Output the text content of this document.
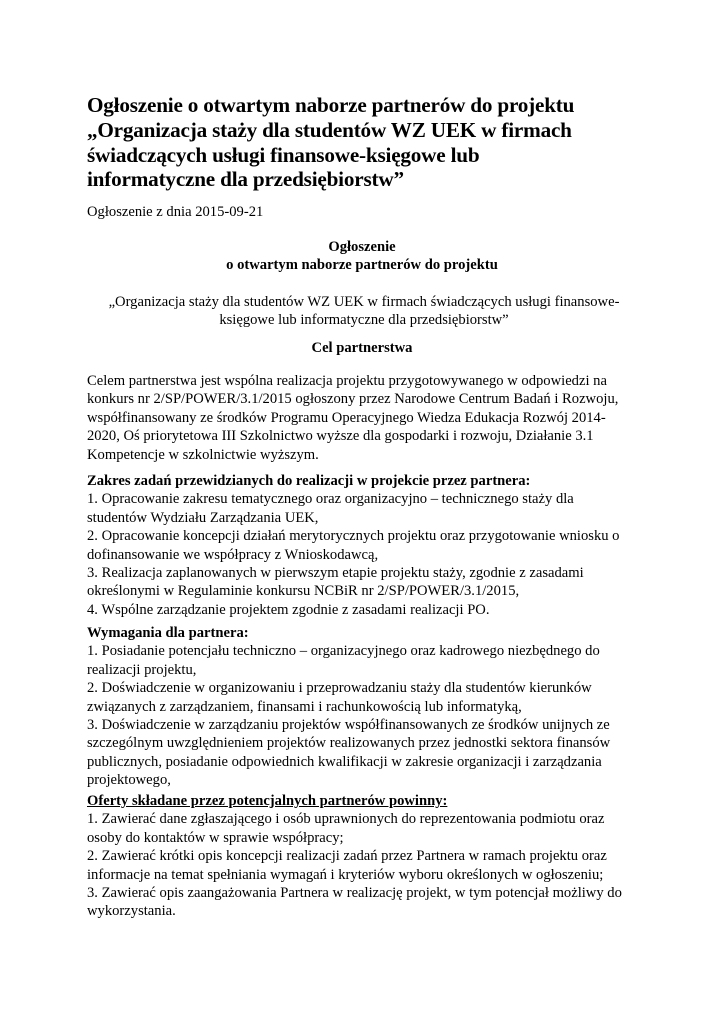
Ogłoszenie o otwartym naborze partnerów do projektu
„Organizacja staży dla studentów WZ UEK w firmach
świadczących usługi finansowe-księgowe lub
informatyczne dla przedsiębiorstw”

Ogłoszenie z dnia 2015-09-21

Ogłoszenie
o otwartym naborze partnerów do projektu
„Organizacja staży dla studentów WZ UEK w firmach świadczących usługi finansowe-
księgowe lub informatyczne dla przedsiębiorstw”
Cel partnerstwa
Celem partnerstwa jest wspólna realizacja projektu przygotowywanego w odpowiedzi na
konkurs nr 2/SP/POWER/3.1/2015 ogłoszony przez Narodowe Centrum Badań i Rozwoju,
współfinansowany ze środków Programu Operacyjnego Wiedza Edukacja Rozwój 2014-
2020, Oś priorytetowa III Szkolnictwo wyższe dla gospodarki i rozwoju, Działanie 3.1
Kompetencje w szkolnictwie wyższym.
Zakres zadań przewidzianych do realizacji w projekcie przez partnera:
1. Opracowanie zakresu tematycznego oraz organizacyjno – technicznego staży dla
studentów Wydziału Zarządzania UEK,
2. Opracowanie koncepcji działań merytorycznych projektu oraz przygotowanie wniosku o
dofinansowanie we współpracy z Wnioskodawcą,
3. Realizacja zaplanowanych w pierwszym etapie projektu staży, zgodnie z zasadami
określonymi w Regulaminie konkursu NCBiR nr 2/SP/POWER/3.1/2015,
4. Wspólne zarządzanie projektem zgodnie z zasadami realizacji PO.
Wymagania dla partnera:
1. Posiadanie potencjału techniczno – organizacyjnego oraz kadrowego niezbędnego do
realizacji projektu,
2. Doświadczenie w organizowaniu i przeprowadzaniu staży dla studentów kierunków
związanych z zarządzaniem, finansami i rachunkowością lub informatyką,
3. Doświadczenie w zarządzaniu projektów współfinansowanych ze środków unijnych ze
szczególnym uwzględnieniem projektów realizowanych przez jednostki sektora finansów
publicznych, posiadanie odpowiednich kwalifikacji w zakresie organizacji i zarządzania
projektowego,
Oferty składane przez potencjalnych partnerów powinny:
1. Zawierać dane zgłaszającego i osób uprawnionych do reprezentowania podmiotu oraz
osoby do kontaktów w sprawie współpracy;
2. Zawierać krótki opis koncepcji realizacji zadań przez Partnera w ramach projektu oraz
informacje na temat spełniania wymagań i kryteriów wyboru określonych w ogłoszeniu;
3. Zawierać opis zaangażowania Partnera w realizację projekt, w tym potencjał możliwy do
wykorzystania.
